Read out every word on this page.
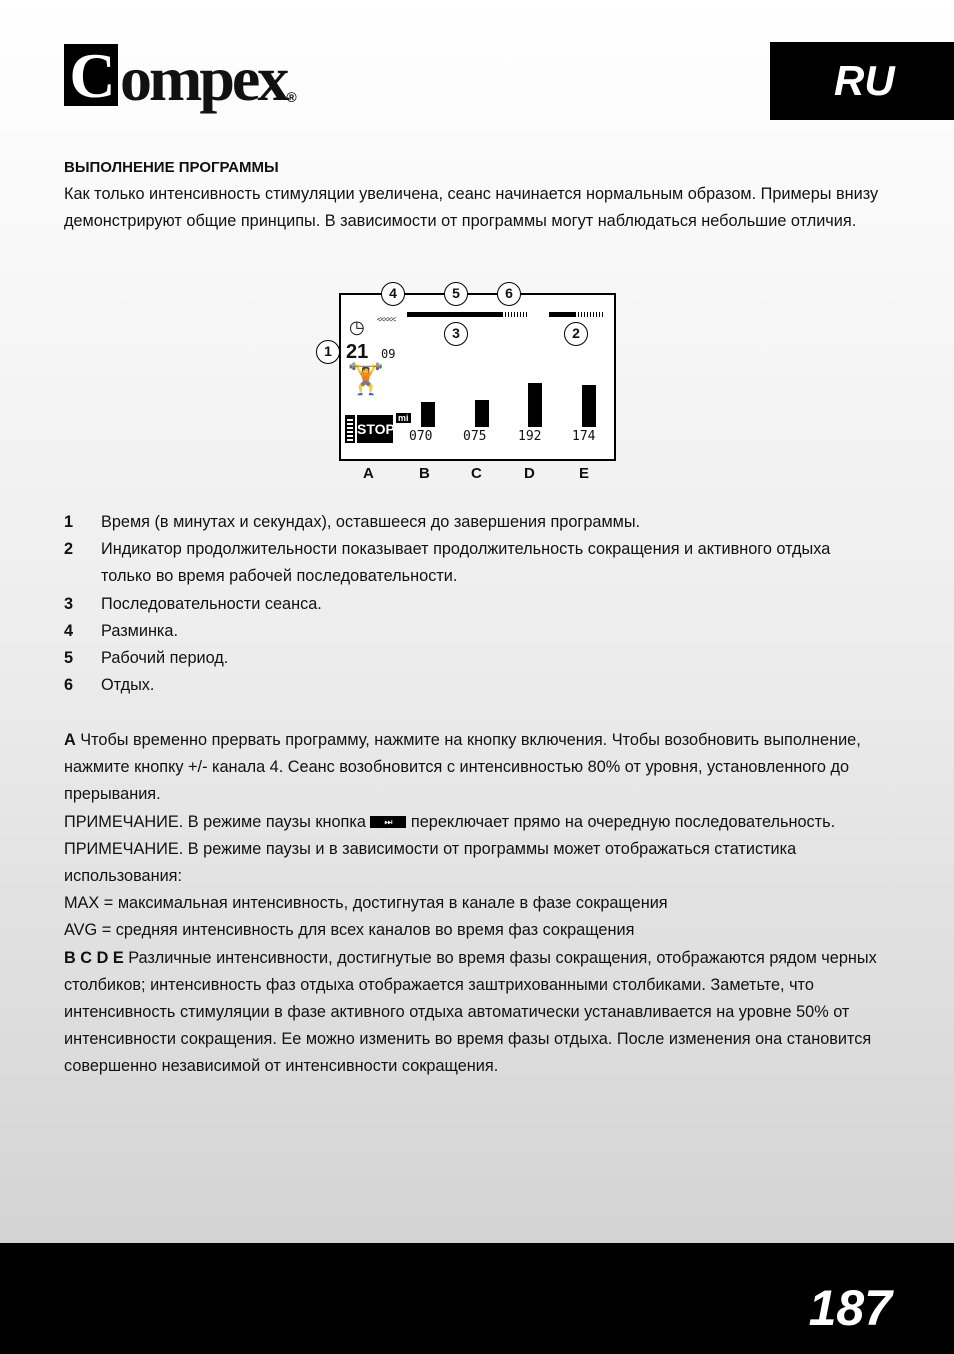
C ompex$_®$	RU
ВЫПОЛНЕНИЕ ПРОГРАММЫ

Как только интенсивность стимуляции увеличена, сеанс начинается нормальным образом. Примеры внизу демонстрируют общие принципы. В зависимости от программы могут наблюдаться небольшие отличия.

<<<<<
◷
21 09
🏋
STOP
mi
070 075 192 174
1
2
3
4	5	6
A	B	C	D	E
1	Время (в минутах и секундах), оставшееся до завершения программы.
2	Индикатор продолжительности показывает продолжительность сокращения и активного отдыха только во время рабочей последовательности.
3	Последовательности сеанса.
4	Разминка.
5	Рабочий период.
6	Отдых.

A Чтобы временно прервать программу, нажмите на кнопку включения. Чтобы возобновить выполнение, нажмите кнопку +/- канала 4. Сеанс возобновится с интенсивностью 80% от уровня, установленного до прерывания.

ПРИМЕЧАНИЕ. В режиме паузы кнопка ⏭ переключает прямо на очередную последовательность.

ПРИМЕЧАНИЕ. В режиме паузы и в зависимости от программы может отображаться статистика использования:

MAX = максимальная интенсивность, достигнутая в канале в фазе сокращения

AVG = средняя интенсивность для всех каналов во время фаз сокращения

B C D E Различные интенсивности, достигнутые во время фазы сокращения, отображаются рядом черных столбиков; интенсивность фаз отдыха отображается заштрихованными столбиками. Заметьте, что интенсивность стимуляции в фазе активного отдыха автоматически устанавливается на уровне 50% от интенсивности сокращения. Ее можно изменить во время фазы отдыха. После изменения она становится совершенно независимой от интенсивности сокращения.

187
